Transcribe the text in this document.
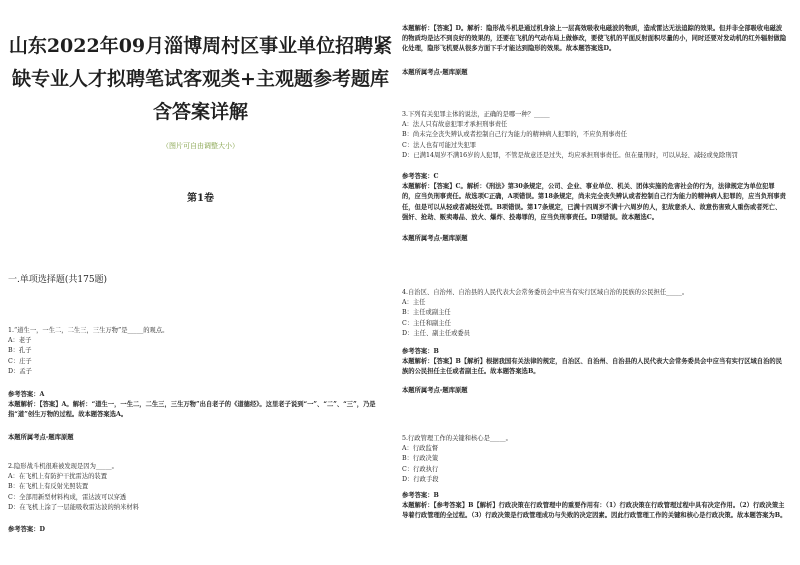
山东2022年09月淄博周村区事业单位招聘紧缺专业人才拟聘笔试客观类+主观题参考题库含答案详解
（图片可自由调整大小）
第1卷
一.单项选择题(共175题)
1.“道生一，一生二，二生三，三生万物”是_____的观点。
A：老子
B：孔子
C：庄子
D：孟子
参考答案：A
本题解析：【答案】A。解析：“道生一，一生二，二生三，三生万物”出自老子的《道德经》。这里老子说到“一”、“二”、“三”，乃是指“道”创生万物的过程。故本题答案选A。
本题所属考点-题库原题
2.隐形战斗机很难被发现是因为_____。
A：在飞机上有防护干扰雷达的装置
B：在飞机上有反射光照装置
C：全部用新型材料构成，雷达波可以穿透
D：在飞机上涂了一层能吸收雷达波的纳米材料
参考答案：D
本题解析：【答案】D。解析：隐形战斗机是通过机身涂上一层高效吸收电磁波的物质，造成雷达无法追踪的效果。但并非全部吸收电磁波的物质均是达不到良好的效果的，还要在飞机的气动布局上做修改，要使飞机的平面反射面积尽量的小，同时还要对发动机的红外辐射做隐化处理，隐形飞机要从很多方面下手才能达到隐形的效果。故本题答案选D。
本题所属考点-题库原题
3.下列有关犯罪主体的说法，正确的是哪一种？_____
A：法人只有故意犯罪才承担刑事责任
B：尚未完全丧失辨认或者控制自己行为能力的精神病人犯罪的，不应负刑事责任
C：法人也有可能过失犯罪
D：已满14周岁不满16岁的人犯罪，不管是故意还是过失，均应承担刑事责任。但在量刑时，可以从轻、减轻或免除刑罚
参考答案：C
本题解析：【答案】C。解析：《刑法》第30条规定，公司、企业、事业单位、机关、团体实施的危害社会的行为，法律规定为单位犯罪的，应当负刑事责任。故选项C正确，A项错误。第18条规定，尚未完全丧失辨认或者控制自己行为能力的精神病人犯罪的，应当负刑事责任，但是可以从轻或者减轻处罚。B项错误。第17条规定，已满十四周岁不满十六周岁的人，犯故意杀人、故意伤害致人重伤或者死亡、强奸、抢劫、贩卖毒品、放火、爆炸、投毒罪的，应当负刑事责任。D项错误。故本题选C。
本题所属考点-题库原题
4.自治区、自治州、自治县的人民代表大会常务委员会中应当有实行区域自治的民族的公民担任_____。
A：主任
B：主任或副主任
C：主任和副主任
D：主任、副主任或委员
参考答案：B
本题解析：【答案】B【解析】根据我国有关法律的规定，自治区、自治州、自治县的人民代表大会常务委员会中应当有实行区域自治的民族的公民担任主任或者副主任。故本题答案选B。
本题所属考点-题库原题
5.行政管理工作的关键和核心是_____。
A：行政监督
B：行政决策
C：行政执行
D：行政手段
参考答案：B
本题解析：【参考答案】B【解析】行政决策在行政管理中的重要作用有：（1）行政决策在行政管理过程中具有决定作用。（2）行政决策主导着行政管理的全过程。（3）行政决策是行政管理成功与失败的决定因素。因此行政管理工作的关键和核心是行政决策。故本题答案为B。
